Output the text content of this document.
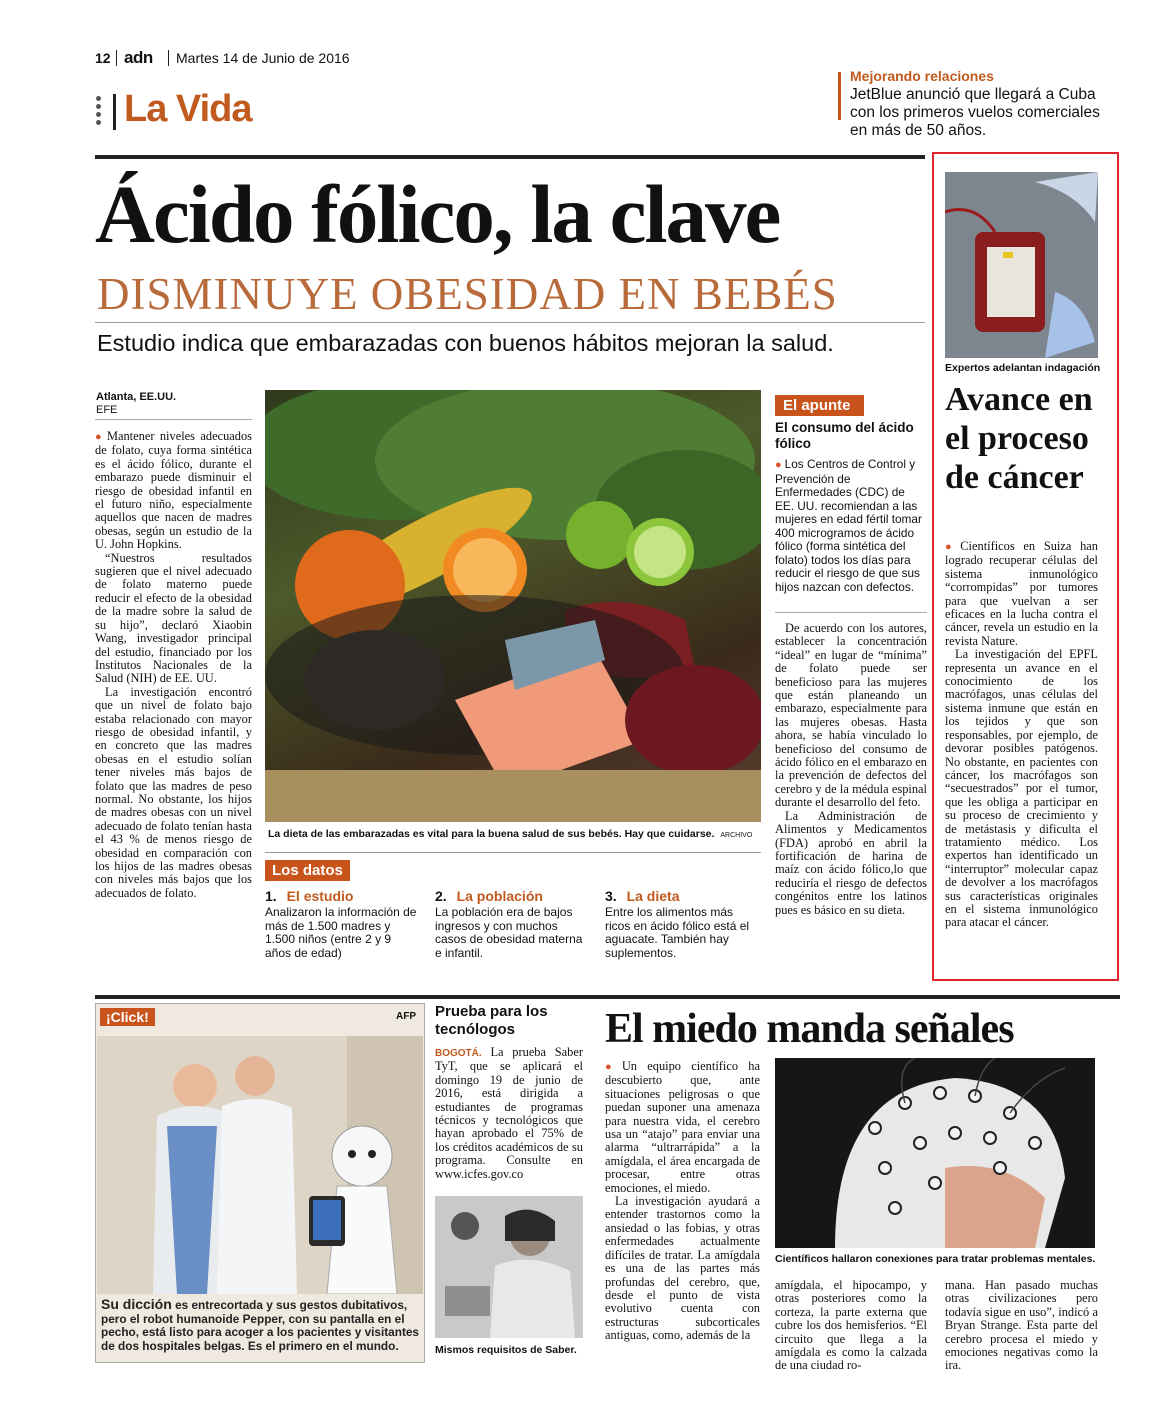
12 adn Martes 14 de Junio de 2016
La Vida
Mejorando relaciones
JetBlue anunció que llegará a Cuba con los primeros vuelos comerciales en más de 50 años.
Ácido fólico, la clave
DISMINUYE OBESIDAD EN BEBÉS
Estudio indica que embarazadas con buenos hábitos mejoran la salud.
Atlanta, EE.UU.
EFE

● Mantener niveles adecuados de folato, cuya forma sintética es el ácido fólico, durante el embarazo puede disminuir el riesgo de obesidad infantil en el futuro niño, especialmente aquellos que nacen de madres obesas, según un estudio de la U. John Hopkins.

“Nuestros resultados sugieren que el nivel adecuado de folato materno puede reducir el efecto de la obesidad de la madre sobre la salud de su hijo”, declaró Xiaobin Wang, investigador principal del estudio, financiado por los Institutos Nacionales de la Salud (NIH) de EE. UU.

La investigación encontró que un nivel de folato bajo estaba relacionado con mayor riesgo de obesidad infantil, y en concreto que las madres obesas en el estudio solían tener niveles más bajos de folato que las madres de peso normal. No obstante, los hijos de madres obesas con un nivel adecuado de folato tenían hasta el 43 % de menos riesgo de obesidad en comparación con los hijos de las madres obesas con niveles más bajos que los adecuados de folato.

La dieta de las embarazadas es vital para la buena salud de sus bebés. Hay que cuidarse. ARCHIVO
Los datos
1. El estudio
Analizaron la información de más de 1.500 madres y 1.500 niños (entre 2 y 9 años de edad)
2. La población
La población era de bajos ingresos y con muchos casos de obesidad materna e infantil.
3. La dieta
Entre los alimentos más ricos en ácido fólico está el aguacate. También hay suplementos.
El apunte
El consumo del ácido fólico
● Los Centros de Control y Prevención de Enfermedades (CDC) de EE. UU. recomiendan a las mujeres en edad fértil tomar 400 microgramos de ácido fólico (forma sintética del folato) todos los días para reducir el riesgo de que sus hijos nazcan con defectos.

De acuerdo con los autores, establecer la concentración “ideal” en lugar de “mínima” de folato puede ser beneficioso para las mujeres que están planeando un embarazo, especialmente para las mujeres obesas. Hasta ahora, se había vinculado lo beneficioso del consumo de ácido fólico en el embarazo en la prevención de defectos del cerebro y de la médula espinal durante el desarrollo del feto.

La Administración de Alimentos y Medicamentos (FDA) aprobó en abril la fortificación de harina de maíz con ácido fólico,lo que reduciría el riesgo de defectos congénitos entre los latinos pues es básico en su dieta.

Expertos adelantan indagación
Avance en el proceso de cáncer

● Científicos en Suiza han logrado recuperar células del sistema inmunológico “corrompidas” por tumores para que vuelvan a ser eficaces en la lucha contra el cáncer, revela un estudio en la revista Nature.

La investigación del EPFL representa un avance en el conocimiento de los macrófagos, unas células del sistema inmune que están en los tejidos y que son responsables, por ejemplo, de devorar posibles patógenos. No obstante, en pacientes con cáncer, los macrófagos son “secuestrados” por el tumor, que les obliga a participar en su proceso de crecimiento y de metástasis y dificulta el tratamiento médico. Los expertos han identificado un “interruptor” molecular capaz de devolver a los macrófagos sus características originales en el sistema inmunológico para atacar el cáncer.

¡Click!	AFP
Su dicción es entrecortada y sus gestos dubitativos, pero el robot humanoide Pepper, con su pantalla en el pecho, está listo para acoger a los pacientes y visitantes de dos hospitales belgas. Es el primero en el mundo.
Prueba para los tecnólogos

BOGOTÁ. La prueba Saber TyT, que se aplicará el domingo 19 de junio de 2016, está dirigida a estudiantes de programas técnicos y tecnológicos que hayan aprobado el 75% de los créditos académicos de su programa. Consulte en www.icfes.gov.co

Mismos requisitos de Saber.
El miedo manda señales

● Un equipo científico ha descubierto que, ante situaciones peligrosas o que puedan suponer una amenaza para nuestra vida, el cerebro usa un “atajo” para enviar una alarma “ultrarrápida” a la amígdala, el área encargada de procesar, entre otras emociones, el miedo.

La investigación ayudará a entender trastornos como la ansiedad o las fobias, y otras enfermedades actualmente difíciles de tratar. La amígdala es una de las partes más profundas del cerebro, que, desde el punto de vista evolutivo cuenta con estructuras subcorticales antiguas, como, además de la

Científicos hallaron conexiones para tratar problemas mentales.
amígdala, el hipocampo, y otras posteriores como la corteza, la parte externa que cubre los dos hemisferios. “El circuito que llega a la amígdala es como la calzada de una ciudad ro-
mana. Han pasado muchas otras civilizaciones pero todavía sigue en uso”, indicó a Bryan Strange. Esta parte del cerebro procesa el miedo y emociones negativas como la ira.
